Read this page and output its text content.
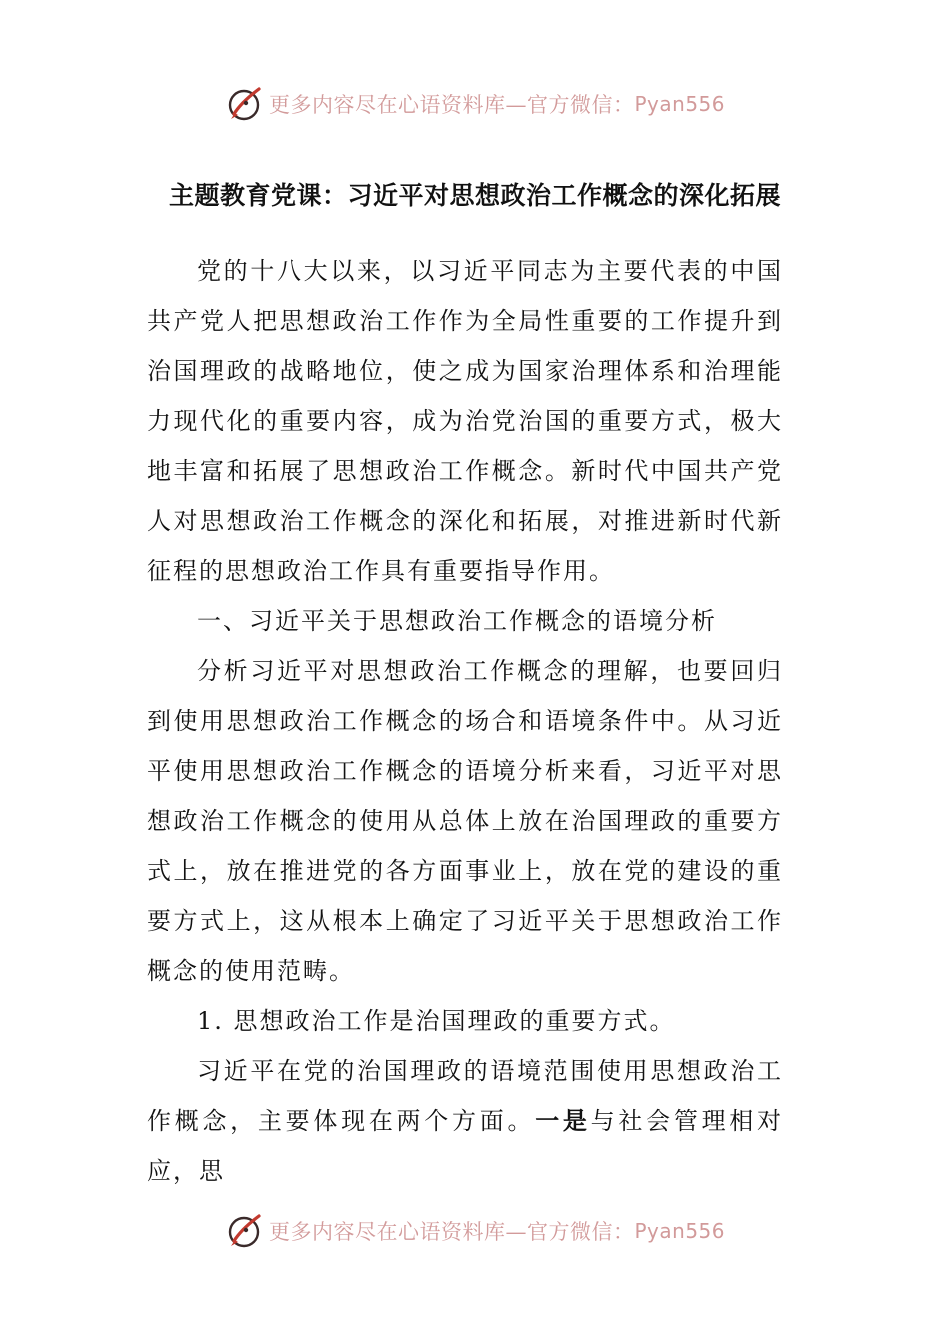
更多内容尽在心语资料库—官方微信： Pyan556
主题教育党课：习近平对思想政治工作概念的深化拓展

党的十八大以来，以习近平同志为主要代表的中国共产党人把思想政治工作作为全局性重要的工作提升到治国理政的战略地位，使之成为国家治理体系和治理能力现代化的重要内容，成为治党治国的重要方式，极大地丰富和拓展了思想政治工作概念。新时代中国共产党人对思想政治工作概念的深化和拓展，对推进新时代新征程的思想政治工作具有重要指导作用。

一、习近平关于思想政治工作概念的语境分析

分析习近平对思想政治工作概念的理解，也要回归到使用思想政治工作概念的场合和语境条件中。从习近平使用思想政治工作概念的语境分析来看，习近平对思想政治工作概念的使用从总体上放在治国理政的重要方式上，放在推进党的各方面事业上，放在党的建设的重要方式上，这从根本上确定了习近平关于思想政治工作概念的使用范畴。

1. 思想政治工作是治国理政的重要方式。

习近平在党的治国理政的语境范围使用思想政治工作概念，主要体现在两个方面。一是与社会管理相对应，思

更多内容尽在心语资料库—官方微信： Pyan556
